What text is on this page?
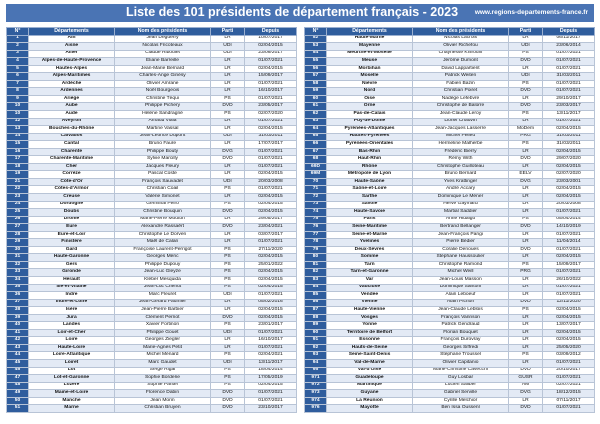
Liste des 101 présidents de département français - 2023	www.regions-departements-france.fr
N°	Départements	Nom des présidents	Parti	Depuis
1	Ain	Jean Deguerry	LR	10/07/2017
2	Aisne	Nicolas Fricoteaux	UDI	02/04/2015
3	Allier	Claude Riboulet	UDI	23/09/2017
4	Alpes-de-Haute-Provence	Eliane Barreille	LR	01/07/2021
5	Hautes-Alpes	Jean-Marie Bernard	LR	02/04/2015
6	Alpes-Maritimes	Charles-Ange Ginésy	LR	15/09/2017
7	Ardèche	Olivier Amrane	LR	01/07/2021
8	Ardennes	Noël Bourgeois	LR	16/10/2017
9	Ariège	Christine Téqui	PS	01/07/2021
10	Aube	Philippe Pichery	DVD	23/05/2017
10	Aude	Hélène Sandragné	PS	02/07/2020
12	Aveyron	Arnaud Viala	LR	01/07/2021
13	Bouches-du-Rhône	Martine Vassal	LR	02/04/2015
14	Calvados	Jean-Léonce Dupont	UDI	31/03/2011
15	Cantal	Bruno Faure	LR	17/07/2017
16	Charente	Philippe Bouty	DVG	01/07/2021
17	Charente-Maritime	Sylvie Marcilly	DVD	01/07/2021
18	Cher	Jacques Fleury	LR	01/07/2021
19	Corrèze	Pascal Coste	LR	02/04/2015
21	Côte-d'Or	François Sauvadet	UDI	20/03/2008
22	Côtes-d'Armor	Christian Coail	PS	01/07/2021
23	Creuse	Valérie Simonet	LR	02/04/2015
24	Dordogne	Germinal Peiro	PS	02/04/2015
25	Doubs	Christine Bouquin	DVD	02/04/2015
26	Drôme	Marie-Pierre Mouton	LR	29/05/2017
27	Eure	Alexandre Rassaërt	DVD	23/04/2021
28	Eure-et-Loir	Christophe Le Dorven	LR	03/07/2017
29	Finistère	Maël de Calan	LR	01/07/2021
30	Gard	Françoise Laurent-Perrigot	PS	27/11/2020
31	Haute-Garonne	Georges Méric	PS	02/04/2015
32	Gers	Philippe Dupouy	PS	25/01/2022
33	Gironde	Jean-Luc Gleyze	PS	02/04/2015
34	Hérault	Kléber Mesquida	PS	02/04/2015
35	Ille-et-Vilaine	Jean-Luc Chenut	PS	02/04/2015
36	Indre	Marc Fleuret	UDI	01/07/2021
37	Indre-et-Loire	Jean-Gérard Paumier	LR	05/02/2016
38	Isère	Jean-Pierre Barbier	LR	02/04/2015
39	Jura	Clément Pernot	DVD	02/04/2015
40	Landes	Xavier Fortinon	PS	23/01/2017
41	Loir-et-Cher	Philippe Gouet	UDI	01/07/2021
42	Loire	Georges Ziegler	LR	16/10/2017
43	Haute-Loire	Marie-Agnès Petit	LR	01/07/2021
44	Loire-Atlantique	Michel Ménard	PS	02/04/2021
45	Loiret	Marc Gaudet	UDI	13/11/2017
46	Lot	Serge Rigal	PS	18/04/2014
47	Lot-et-Garonne	Sophie Borderie	PS	17/05/2019
48	Lozère	Sophie Pantel	PS	02/04/2015
49	Maine-et-Loire	Florence Dabin	DVD	01/07/2021
50	Manche	Jean Morin	DVD	01/07/2021
51	Marne	Christian Bruyen	DVD	23/10/2017
N°	Départements	Nom des présidents	Parti	Depuis
52	Haute-Marne	Nicolas Lacroix	LR	06/11/2017
53	Mayenne	Olivier Richefou	UDI	23/06/2014
54	Meurthe-et-Moselle	Chaynesse Khirouni	PS	01/07/2021
55	Meuse	Jérôme Dumont	DVD	01/07/2021
56	Morbihan	David Lappartient	LR	01/07/2021
57	Moselle	Patrick Weiten	UDI	31/03/2011
58	Nièvre	Fabien Bazin	PS	01/07/2021
59	Nord	Christian Poiret	DVD	01/07/2021
60	Oise	Nadège Lefebvre	LR	29/10/2017
61	Orne	Christophe de Balorre	DVD	23/03/2017
62	Pas-de-Calais	Jean-Claude Leroy	PS	13/11/2017
63	Puy-de-Dôme	Lionel Chauvin	LR	01/07/2021
64	Pyrénées-Atlantiques	Jean-Jacques Lasserre	MoDem	02/04/2015
65	Hautes-Pyrénées	Michel Pélieu	PRG	31/03/2011
66	Pyrénées-Orientales	Hermeline Malherbe	PS	31/03/2011
67	Bas-Rhin	Frédéric Bierry	LR	02/04/2015
68	Haut-Rhin	Rémy With	DVD	29/07/2020
69D	Rhône	Christophe Guilloteau	LR	02/04/2015
69M	Métropole de Lyon	Bruno Bernard	EELV	02/07/2020
70	Haute-Saône	Yves Krattinger	DVG	23/03/2001
71	Saône-et-Loire	André Accary	LR	02/04/2015
72	Sarthe	Dominique Le Mèner	LR	02/04/2015
73	Savoie	Hervé Gaymard	LR	20/03/2008
74	Haute-Savoie	Martial Saddier	LR	01/07/2021
75	Paris	Anne Hidalgo	PS	05/04/2014
76	Seine-Maritime	Bertrand Bellanger	DVD	14/10/2019
77	Seine-et-Marne	Jean-François Parigi	LR	01/07/2021
78	Yvelines	Pierre Bédier	LR	11/04/2014
79	Deux-Sèvres	Coralie Denoues	DVD	01/07/2021
80	Somme	Stéphane Haussoulier	LR	02/04/2015
81	Tarn	Christophe Ramond	PS	15/09/2017
82	Tarn-et-Garonne	Michel Weill	PRG	01/07/2021
83	Var	Jean-Louis Masson	LR	26/10/2022
84	Vaucluse	Dominique Santoni	LR	01/07/2021
85	Vendée	Alain Leboeuf	LR	01/07/2021
86	Vienne	Alain Pichon	DVD	12/11/2020
87	Haute-Vienne	Jean-Claude Leblois	PS	02/04/2015
88	Vosges	François Vannson	LR	02/04/2015
89	Yonne	Patrick Gendraud	LR	13/07/2017
90	Territoire de Belfort	Florian Bouquet	LR	02/04/2015
91	Essonne	François Durovray	LR	02/04/2015
92	Hauts-de-Seine	Georges Siffredi	LR	25/05/2020
93	Seine-Saint-Denis	Stéphane Troussel	PS	03/09/2012
94	Val-de-Marne	Olivier Capitanio	LR	01/07/2021
95	Val-d'Oise	Marie-Christine Cavecchi	DVD	20/10/2017
971	Guadeloupe	Guy Losbar	GUSR	01/07/2021
972	Martinique	Lucien Saliber	AM	02/07/2021
973	Guyane	Gabriel Serville	DVG	18/12/2015
974	La Réunion	Cyrille Melchior	LR	07/11/2017
976	Mayotte	Ben Issa Oussenl	DVD	01/07/2021
